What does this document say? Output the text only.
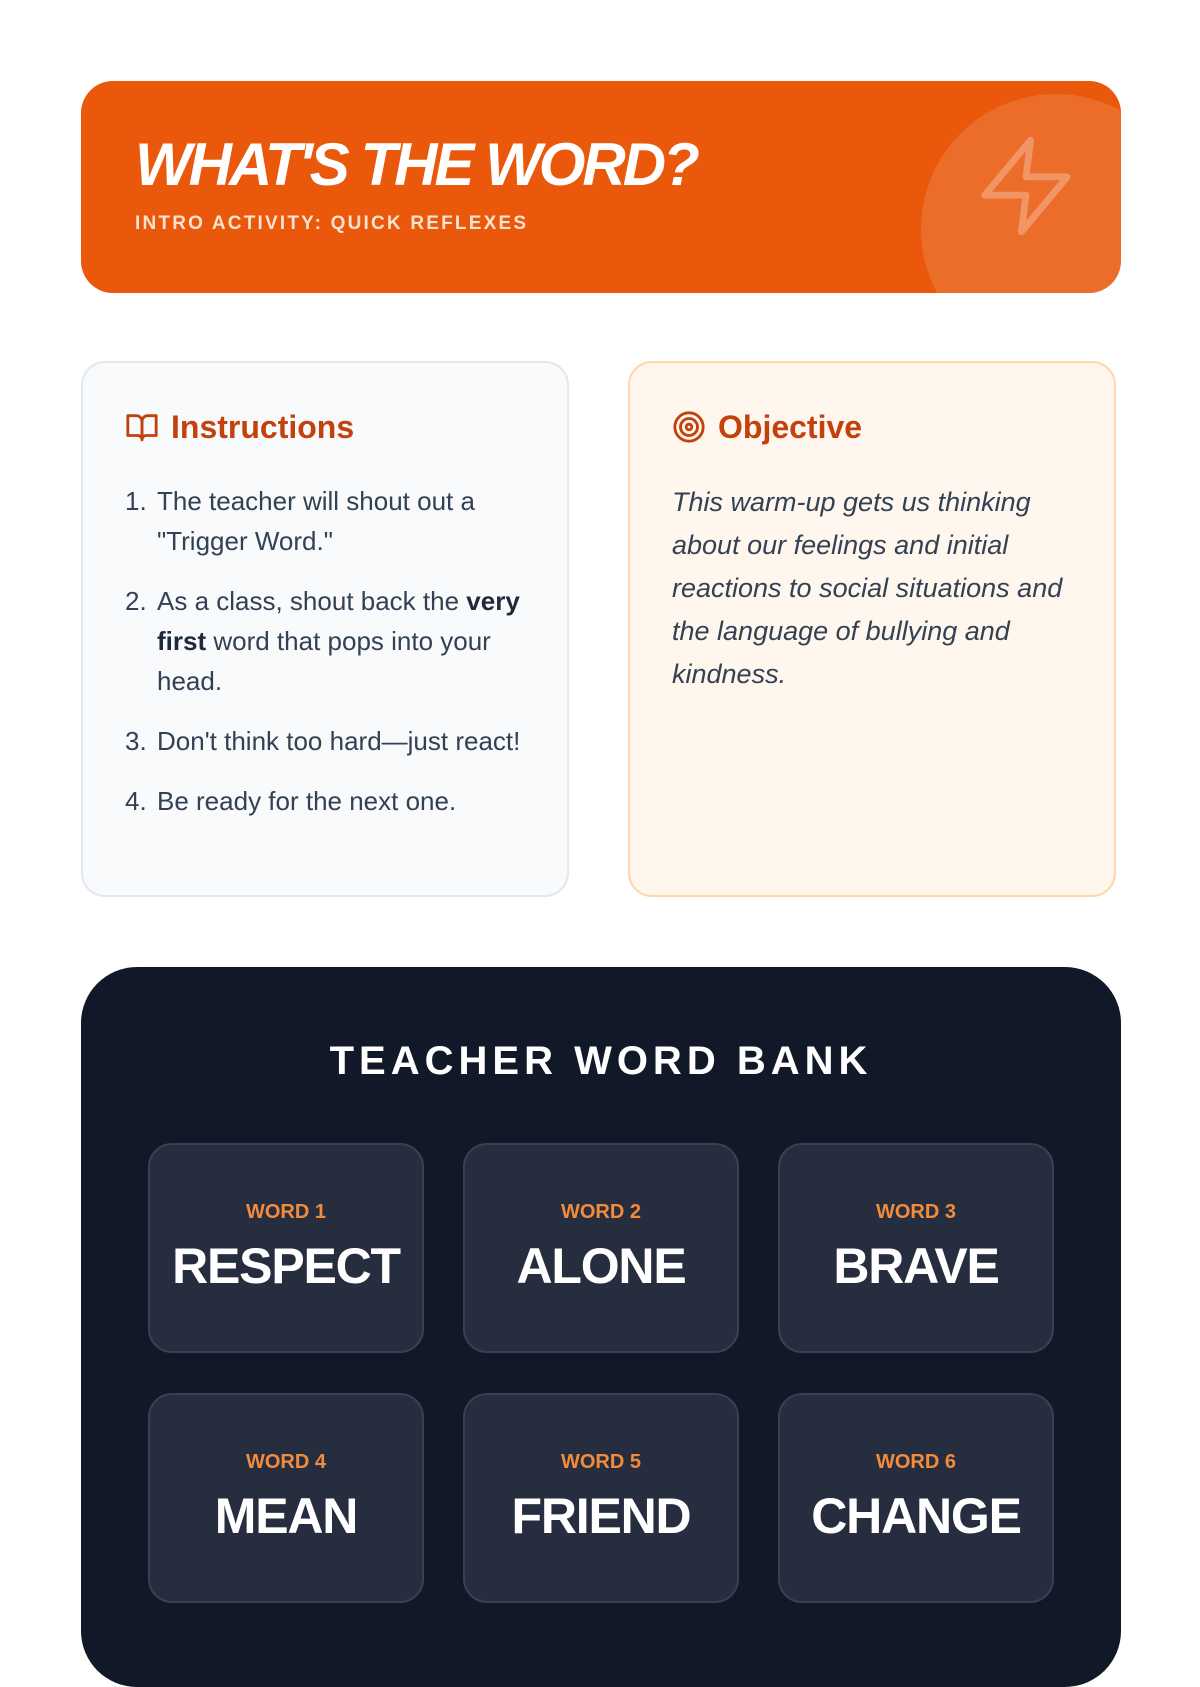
WHAT'S THE WORD?
INTRO ACTIVITY: QUICK REFLEXES
Instructions
1. The teacher will shout out a "Trigger Word."
2. As a class, shout back the very first word that pops into your head.
3. Don't think too hard—just react!
4. Be ready for the next one.
Objective

This warm-up gets us thinking about our feelings and initial reactions to social situations and the language of bullying and kindness.

TEACHER WORD BANK
WORD 1
RESPECT
WORD 2
ALONE
WORD 3
BRAVE
WORD 4
MEAN
WORD 5
FRIEND
WORD 6
CHANGE
